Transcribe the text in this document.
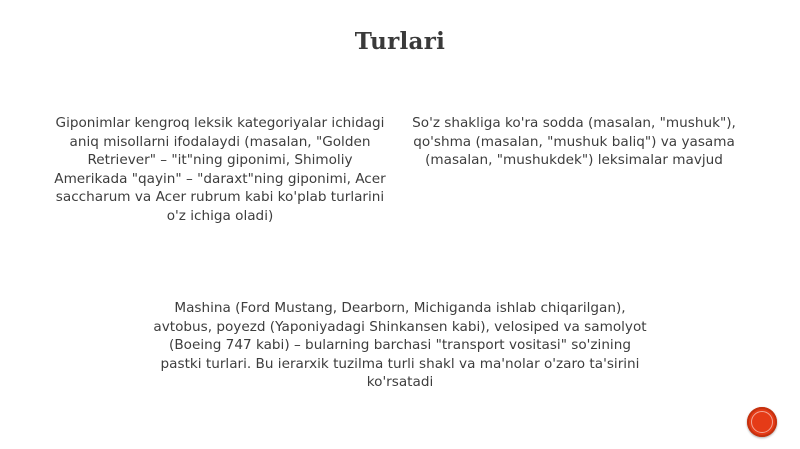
Turlari

Giponimlar kengroq leksik kategoriyalar ichidagi aniq misollarni ifodalaydi (masalan, "Golden Retriever" – "it"ning giponimi, Shimoliy Amerikada "qayin" – "daraxt"ning giponimi, Acer saccharum va Acer rubrum kabi ko'plab turlarini o'z ichiga oladi)

So'z shakliga ko'ra sodda (masalan, "mushuk"), qo'shma (masalan, "mushuk baliq") va yasama (masalan, "mushukdek") leksimalar mavjud

Mashina (Ford Mustang, Dearborn, Michiganda ishlab chiqarilgan), avtobus, poyezd (Yaponiyadagi Shinkansen kabi), velosiped va samolyot (Boeing 747 kabi) – bularning barchasi "transport vositasi" so'zining pastki turlari. Bu ierarxik tuzilma turli shakl va ma'nolar o'zaro ta'sirini ko'rsatadi
